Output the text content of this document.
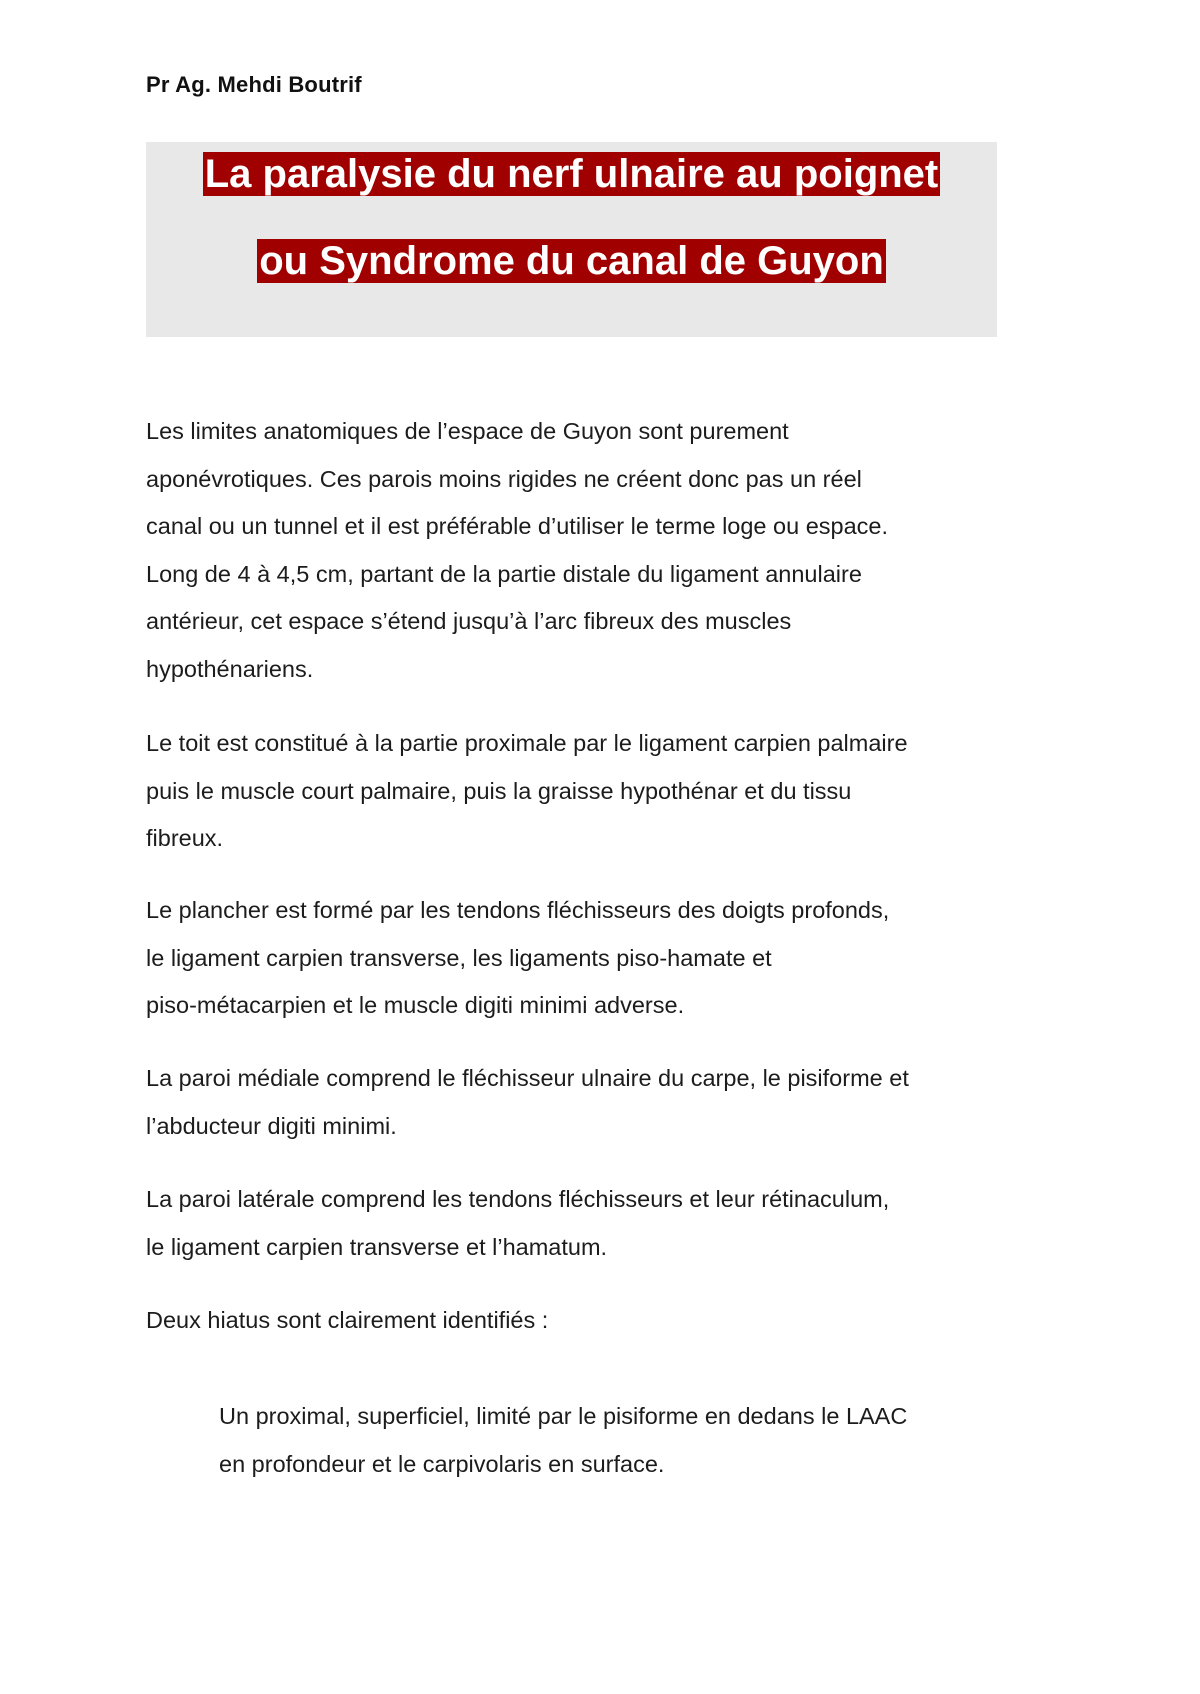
Pr Ag. Mehdi Boutrif
La paralysie du nerf ulnaire au poignet
ou Syndrome du canal de Guyon

Les limites anatomiques de l’espace de Guyon sont purement
aponévrotiques. Ces parois moins rigides ne créent donc pas un réel
canal ou un tunnel et il est préférable d’utiliser le terme loge ou espace.
Long de 4 à 4,5 cm, partant de la partie distale du ligament annulaire
antérieur, cet espace s’étend jusqu’à l’arc fibreux des muscles
hypothénariens.

Le toit est constitué à la partie proximale par le ligament carpien palmaire
puis le muscle court palmaire, puis la graisse hypothénar et du tissu
fibreux.

Le plancher est formé par les tendons fléchisseurs des doigts profonds,
le ligament carpien transverse, les ligaments piso-hamate et
piso-métacarpien et le muscle digiti minimi adverse.

La paroi médiale comprend le fléchisseur ulnaire du carpe, le pisiforme et
l’abducteur digiti minimi.

La paroi latérale comprend les tendons fléchisseurs et leur rétinaculum,
le ligament carpien transverse et l’hamatum.

Deux hiatus sont clairement identifiés :

Un proximal, superficiel, limité par le pisiforme en dedans le LAAC
en profondeur et le carpivolaris en surface.
